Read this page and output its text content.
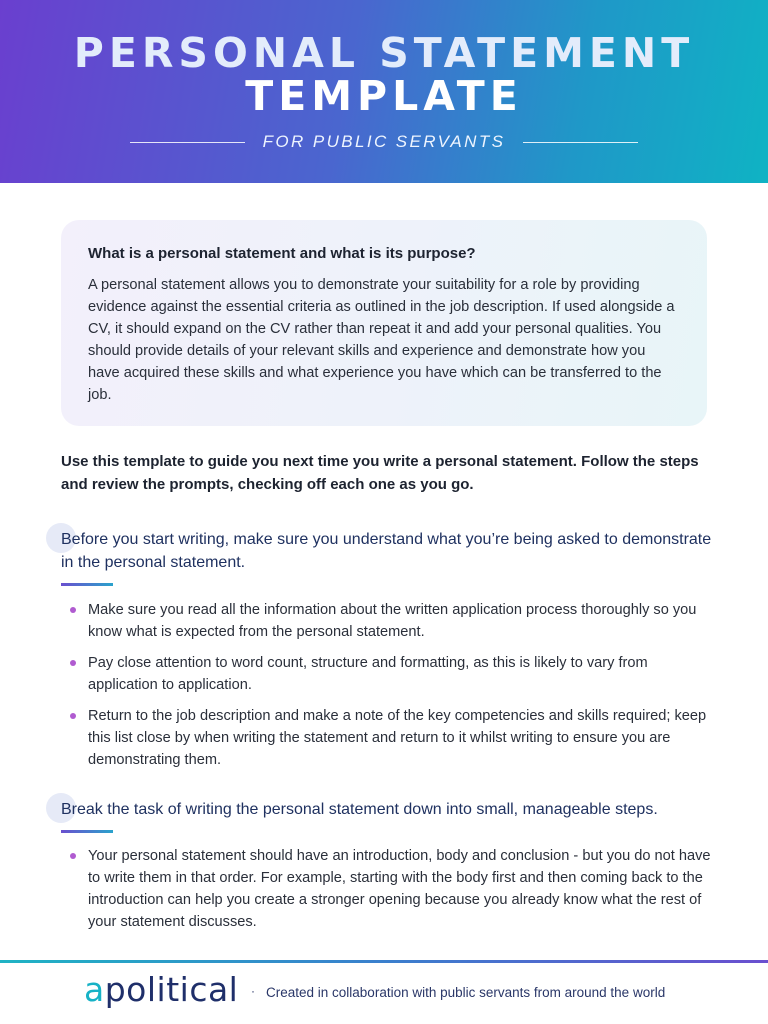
PERSONAL STATEMENT
TEMPLATE
FOR PUBLIC SERVANTS
What is a personal statement and what is its purpose?
A personal statement allows you to demonstrate your suitability for a role by providing evidence against the essential criteria as outlined in the job description. If used alongside a CV, it should expand on the CV rather than repeat it and add your personal qualities. You should provide details of your relevant skills and experience and demonstrate how you have acquired these skills and what experience you have which can be transferred to the job.
Use this template to guide you next time you write a personal statement. Follow the steps and review the prompts, checking off each one as you go.
Before you start writing, make sure you understand what you’re being asked to demonstrate in the personal statement.
Make sure you read all the information about the written application process thoroughly so you know what is expected from the personal statement.
Pay close attention to word count, structure and formatting, as this is likely to vary from application to application.
Return to the job description and make a note of the key competencies and skills required; keep this list close by when writing the statement and return to it whilst writing to ensure you are demonstrating them.
Break the task of writing the personal statement down into small, manageable steps.
Your personal statement should have an introduction, body and conclusion - but you do not have to write them in that order. For example, starting with the body first and then coming back to the introduction can help you create a stronger opening because you already know what the rest of your statement discusses.
apolitical · Created in collaboration with public servants from around the world
